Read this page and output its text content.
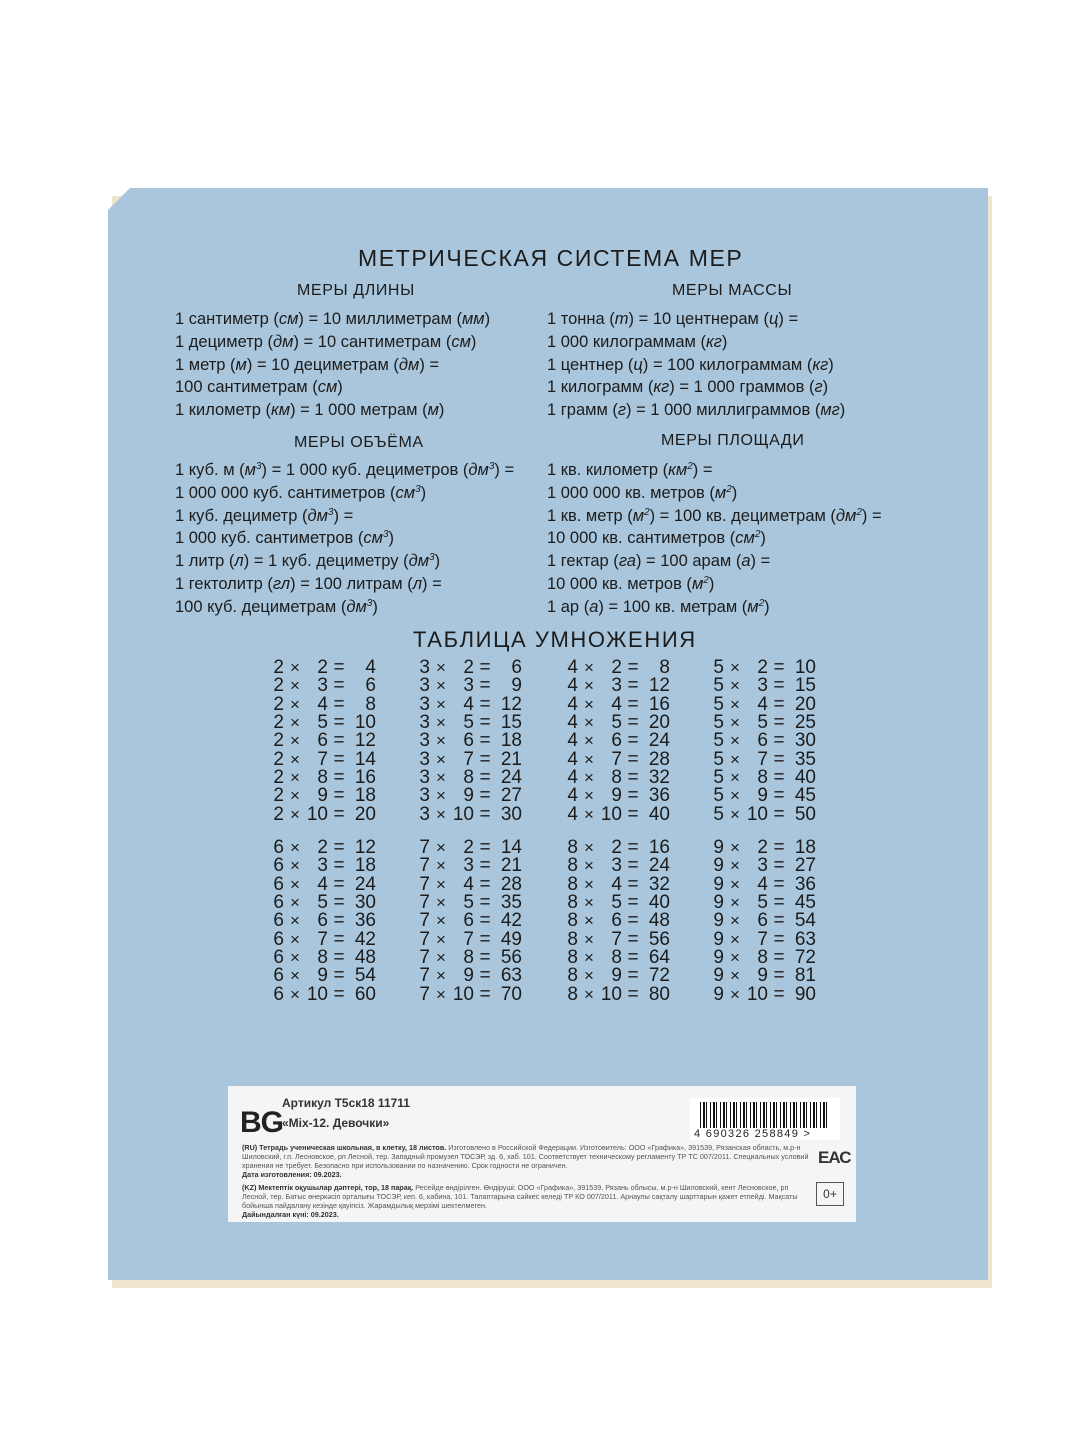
МЕТРИЧЕСКАЯ СИСТЕМА МЕР
МЕРЫ ДЛИНЫ	МЕРЫ МАССЫ
1 сантиметр (см) = 10 миллиметрам (мм)
1 дециметр (дм) = 10 сантиметрам (см)
1 метр (м) = 10 дециметрам (дм) =
100 сантиметрам (см)
1 километр (км) = 1 000 метрам (м)
1 тонна (т) = 10 центнерам (ц) =
1 000 килограммам (кг)
1 центнер (ц) = 100 килограммам (кг)
1 килограмм (кг) = 1 000 граммов (г)
1 грамм (г) = 1 000 миллиграммов (мг)
МЕРЫ ОБЪЁМА	МЕРЫ ПЛОЩАДИ
1 куб. м $(м^3) = 1$ 000 куб. дециметров $(дм^3)$ =
1 000 000 куб. сантиметров $(см^3)$
1 куб. дециметр $(дм^3)$ =
1 000 куб. сантиметров $(см^3)$
1 литр (л) = 1 куб. дециметру $(дм^3)$
1 гектолитр (гл) = 100 литрам (л) =
100 куб. дециметрам $(дм^3)$
1 кв. километр $(км^2)$ =
1 000 000 кв. метров $(м^2)$
1 кв. метр $(м^2) = 100$ кв. дециметрам $(дм^2)$ =
10 000 кв. сантиметров $(см^2)$
1 гектар (га) = 100 арам (а) =
10 000 кв. метров $(м^2)$
1 ар (а) = 100 кв. метрам $(м^2)$
ТАБЛИЦА УМНОЖЕНИЯ
2 × 2 =	4
2 × 3 =	6
2 × 4 =	8
2 × 5 = 10
2 × 6 = 12
2 × 7 = 14
2 × 8 = 16
2 × 9 = 18
2 × 10 = 20
3 × 2 =	6
3 × 3 =	9
3 × 4 = 12
3 × 5 = 15
3 × 6 = 18
3 × 7 = 21
3 × 8 = 24
3 × 9 = 27
3 × 10 = 30
4 × 2 =	8
4 × 3 = 12
4 × 4 = 16
4 × 5 = 20
4 × 6 = 24
4 × 7 = 28
4 × 8 = 32
4 × 9 = 36
4 × 10 = 40
5 × 2 = 10
5 × 3 = 15
5 × 4 = 20
5 × 5 = 25
5 × 6 = 30
5 × 7 = 35
5 × 8 = 40
5 × 9 = 45
5 × 10 = 50
6 × 2 = 12
6 × 3 = 18
6 × 4 = 24
6 × 5 = 30
6 × 6 = 36
6 × 7 = 42
6 × 8 = 48
6 × 9 = 54
6 × 10 = 60
7 × 2 = 14
7 × 3 = 21
7 × 4 = 28
7 × 5 = 35
7 × 6 = 42
7 × 7 = 49
7 × 8 = 56
7 × 9 = 63
7 × 10 = 70
8 × 2 = 16
8 × 3 = 24
8 × 4 = 32
8 × 5 = 40
8 × 6 = 48
8 × 7 = 56
8 × 8 = 64
8 × 9 = 72
8 × 10 = 80
9 × 2 = 18
9 × 3 = 27
9 × 4 = 36
9 × 5 = 45
9 × 6 = 54
9 × 7 = 63
9 × 8 = 72
9 × 9 = 81
9 × 10 = 90
BG
Артикул Т5ск18 11711
«Mix-12. Девочки»
(RU) Тетрадь ученическая школьная, в клетку, 18 листов. Изготовлено в Российской Федерации. Изготовитель: ООО «Графика», 391539, Рязанская область, м.р-н Шиловский, г.п. Лесновское, рп Лесной, тер. Западный промузел ТОСЭР, зд. 6, хаб. 101. Соответствует техническому регламенту ТР ТС 007/2011. Специальных условий хранения не требует. Безопасно при использовании по назначению. Срок годности не ограничен.
Дата изготовления: 09.2023.
(KZ) Мектептік оқушылар дәптері, тор, 18 парақ. Ресейде өндірілген. Өндіруші: ООО «Графика», 391539, Рязань облысы, м.р-н Шиловский, кент Лесновское, рп Лесной, тер. Батыс өнеркәсіп орталығы ТОСЭР, кеп. 6, кабина. 101. Талаптарына сәйкес келеді ТР КО 007/2011. Арнаулы сақталу шарттарын қажет етпейді. Мақсаты бойынша пайдалану кезінде қауіпсіз. Жарамдылық мерзімі шектелмеген.
Дайындалған күні: 09.2023.
4 690326 258849 >
ЕАС
0+
